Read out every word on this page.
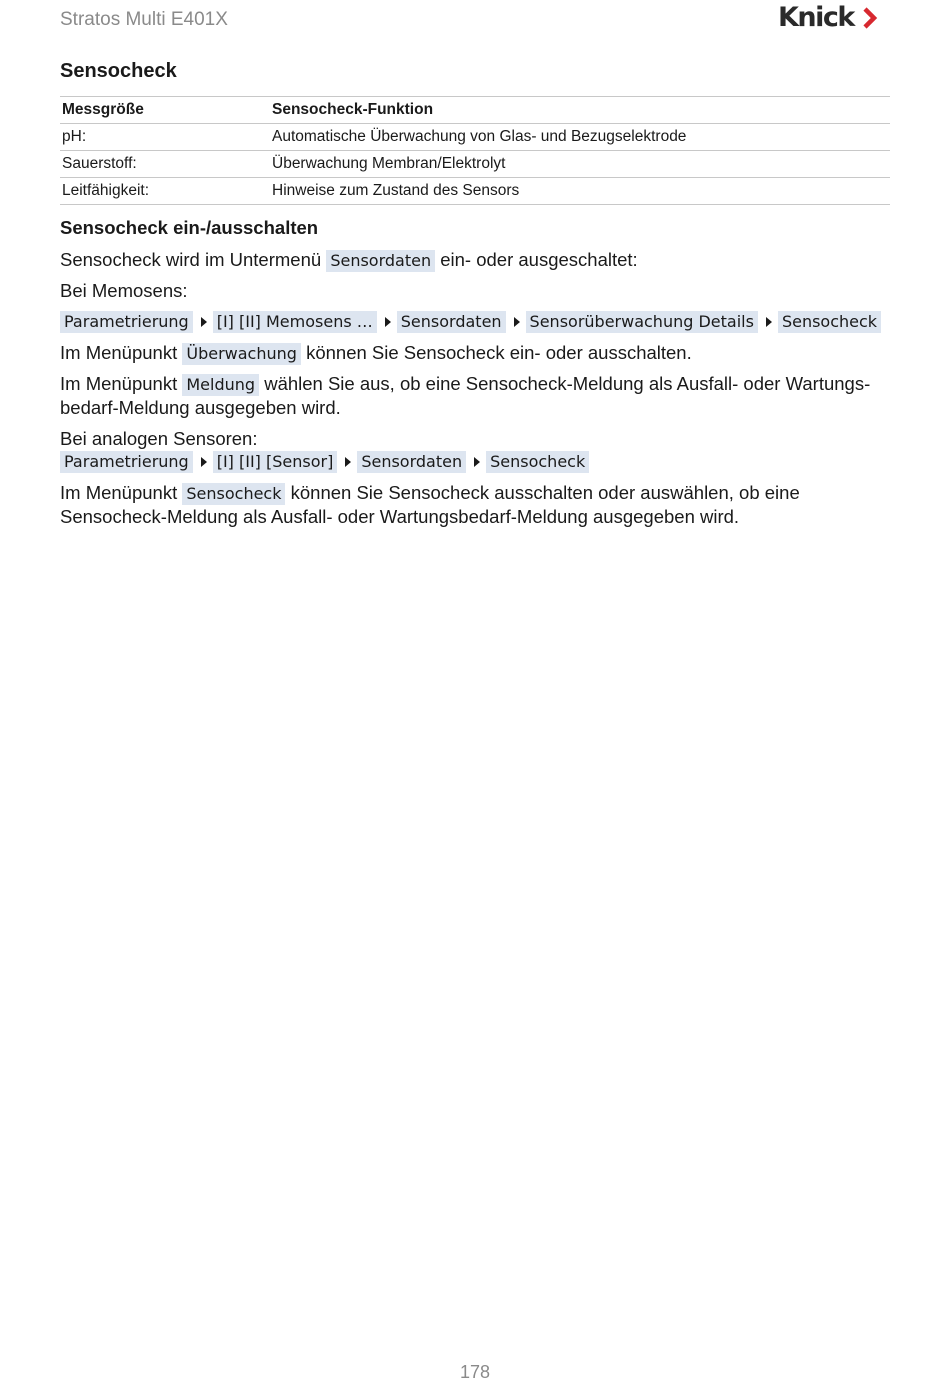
Stratos Multi E401X	Knick
Sensocheck
Messgröße	Sensocheck-Funktion
pH:	Automatische Überwachung von Glas- und Bezugselektrode
Sauerstoff:	Überwachung Membran/Elektrolyt
Leitfähigkeit:	Hinweise zum Zustand des Sensors
Sensocheck ein-/ausschalten
Sensocheck wird im Untermenü Sensordaten ein- oder ausgeschaltet:
Bei Memosens:
Parametrierung [I] [II] Memosens … Sensordaten Sensorüberwachung Details Sensocheck
Im Menüpunkt Überwachung können Sie Sensocheck ein- oder ausschalten.
Im Menüpunkt Meldung wählen Sie aus, ob eine Sensocheck-Meldung als Ausfall- oder Wartungs-bedarf-Meldung ausgegeben wird.
Bei analogen Sensoren:
Parametrierung [I] [II] [Sensor] Sensordaten Sensocheck
Im Menüpunkt Sensocheck können Sie Sensocheck ausschalten oder auswählen, ob eine Sensocheck-Meldung als Ausfall- oder Wartungsbedarf-Meldung ausgegeben wird.
178
